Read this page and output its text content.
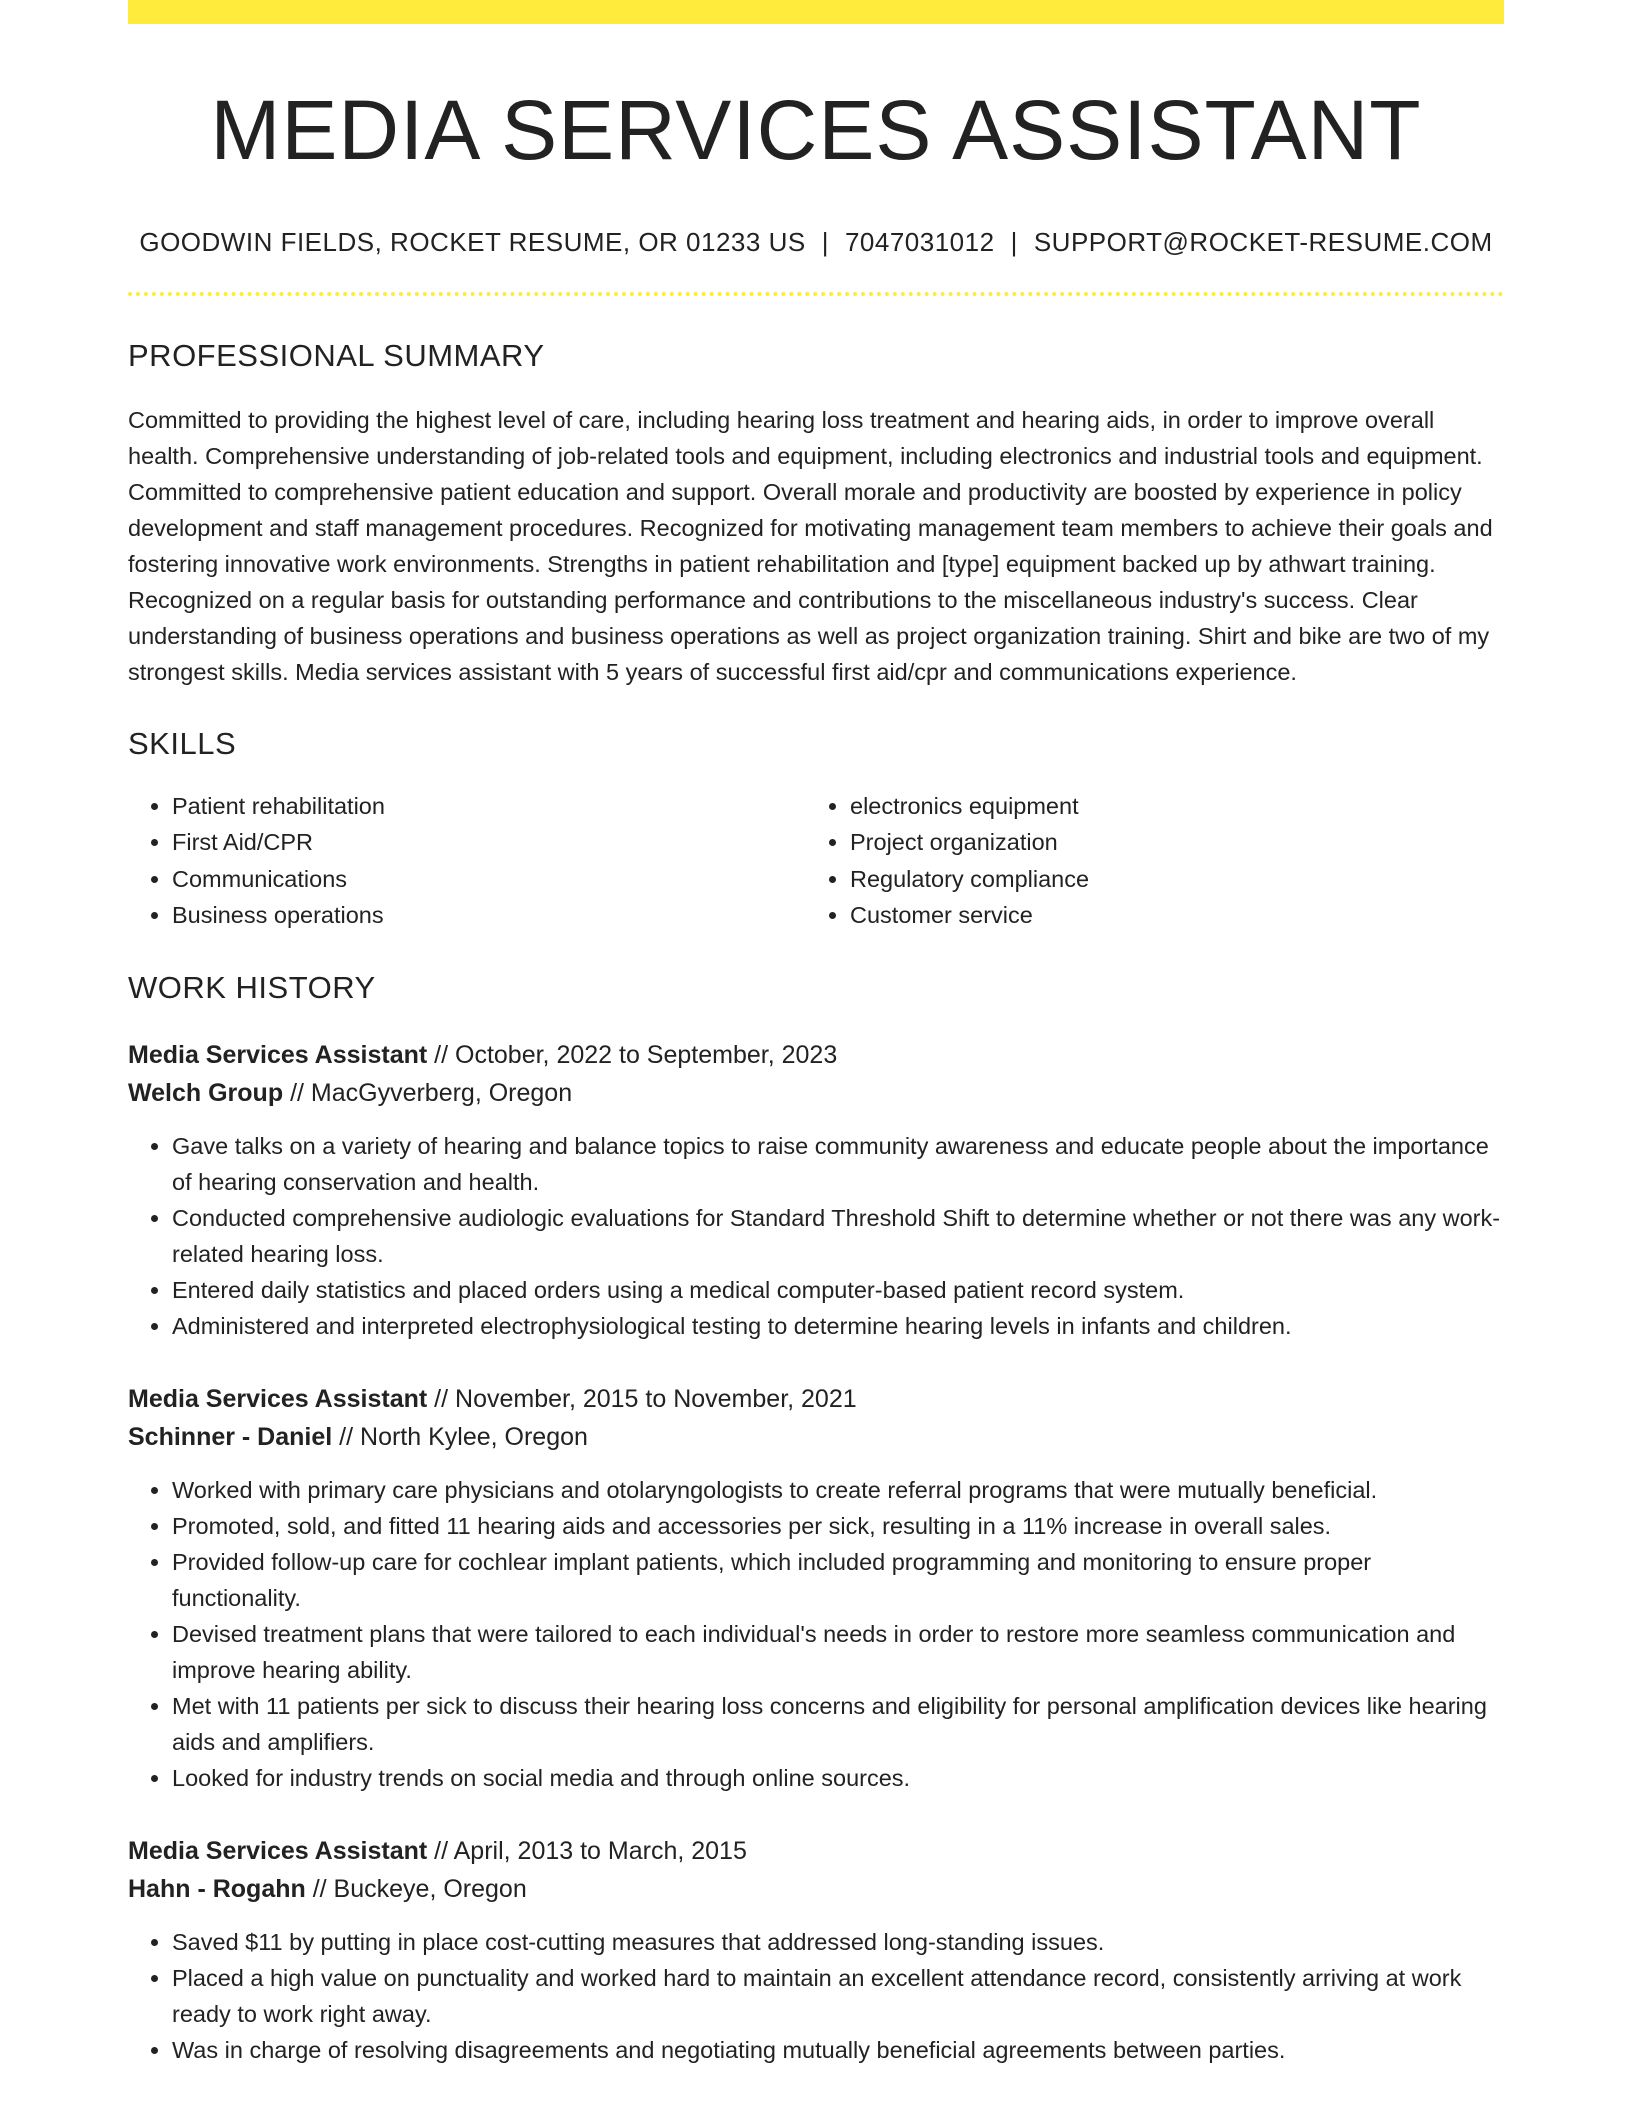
MEDIA SERVICES ASSISTANT
GOODWIN FIELDS, ROCKET RESUME, OR 01233 US | 7047031012 | SUPPORT@ROCKET-RESUME.COM
PROFESSIONAL SUMMARY
Committed to providing the highest level of care, including hearing loss treatment and hearing aids, in order to improve overall health. Comprehensive understanding of job-related tools and equipment, including electronics and industrial tools and equipment. Committed to comprehensive patient education and support. Overall morale and productivity are boosted by experience in policy development and staff management procedures. Recognized for motivating management team members to achieve their goals and fostering innovative work environments. Strengths in patient rehabilitation and [type] equipment backed up by athwart training. Recognized on a regular basis for outstanding performance and contributions to the miscellaneous industry's success. Clear understanding of business operations and business operations as well as project organization training. Shirt and bike are two of my strongest skills. Media services assistant with 5 years of successful first aid/cpr and communications experience.
SKILLS
• Patient rehabilitation
• First Aid/CPR
• Communications
• Business operations
• electronics equipment
• Project organization
• Regulatory compliance
• Customer service
WORK HISTORY
Media Services Assistant // October, 2022 to September, 2023
Welch Group // MacGyverberg, Oregon
• Gave talks on a variety of hearing and balance topics to raise community awareness and educate people about the importance of hearing conservation and health.
• Conducted comprehensive audiologic evaluations for Standard Threshold Shift to determine whether or not there was any work-related hearing loss.
• Entered daily statistics and placed orders using a medical computer-based patient record system.
• Administered and interpreted electrophysiological testing to determine hearing levels in infants and children.
Media Services Assistant // November, 2015 to November, 2021
Schinner - Daniel // North Kylee, Oregon
• Worked with primary care physicians and otolaryngologists to create referral programs that were mutually beneficial.
• Promoted, sold, and fitted 11 hearing aids and accessories per sick, resulting in a 11% increase in overall sales.
• Provided follow-up care for cochlear implant patients, which included programming and monitoring to ensure proper functionality.
• Devised treatment plans that were tailored to each individual's needs in order to restore more seamless communication and improve hearing ability.
• Met with 11 patients per sick to discuss their hearing loss concerns and eligibility for personal amplification devices like hearing aids and amplifiers.
• Looked for industry trends on social media and through online sources.
Media Services Assistant // April, 2013 to March, 2015
Hahn - Rogahn // Buckeye, Oregon
• Saved $11 by putting in place cost-cutting measures that addressed long-standing issues.
• Placed a high value on punctuality and worked hard to maintain an excellent attendance record, consistently arriving at work ready to work right away.
• Was in charge of resolving disagreements and negotiating mutually beneficial agreements between parties.
